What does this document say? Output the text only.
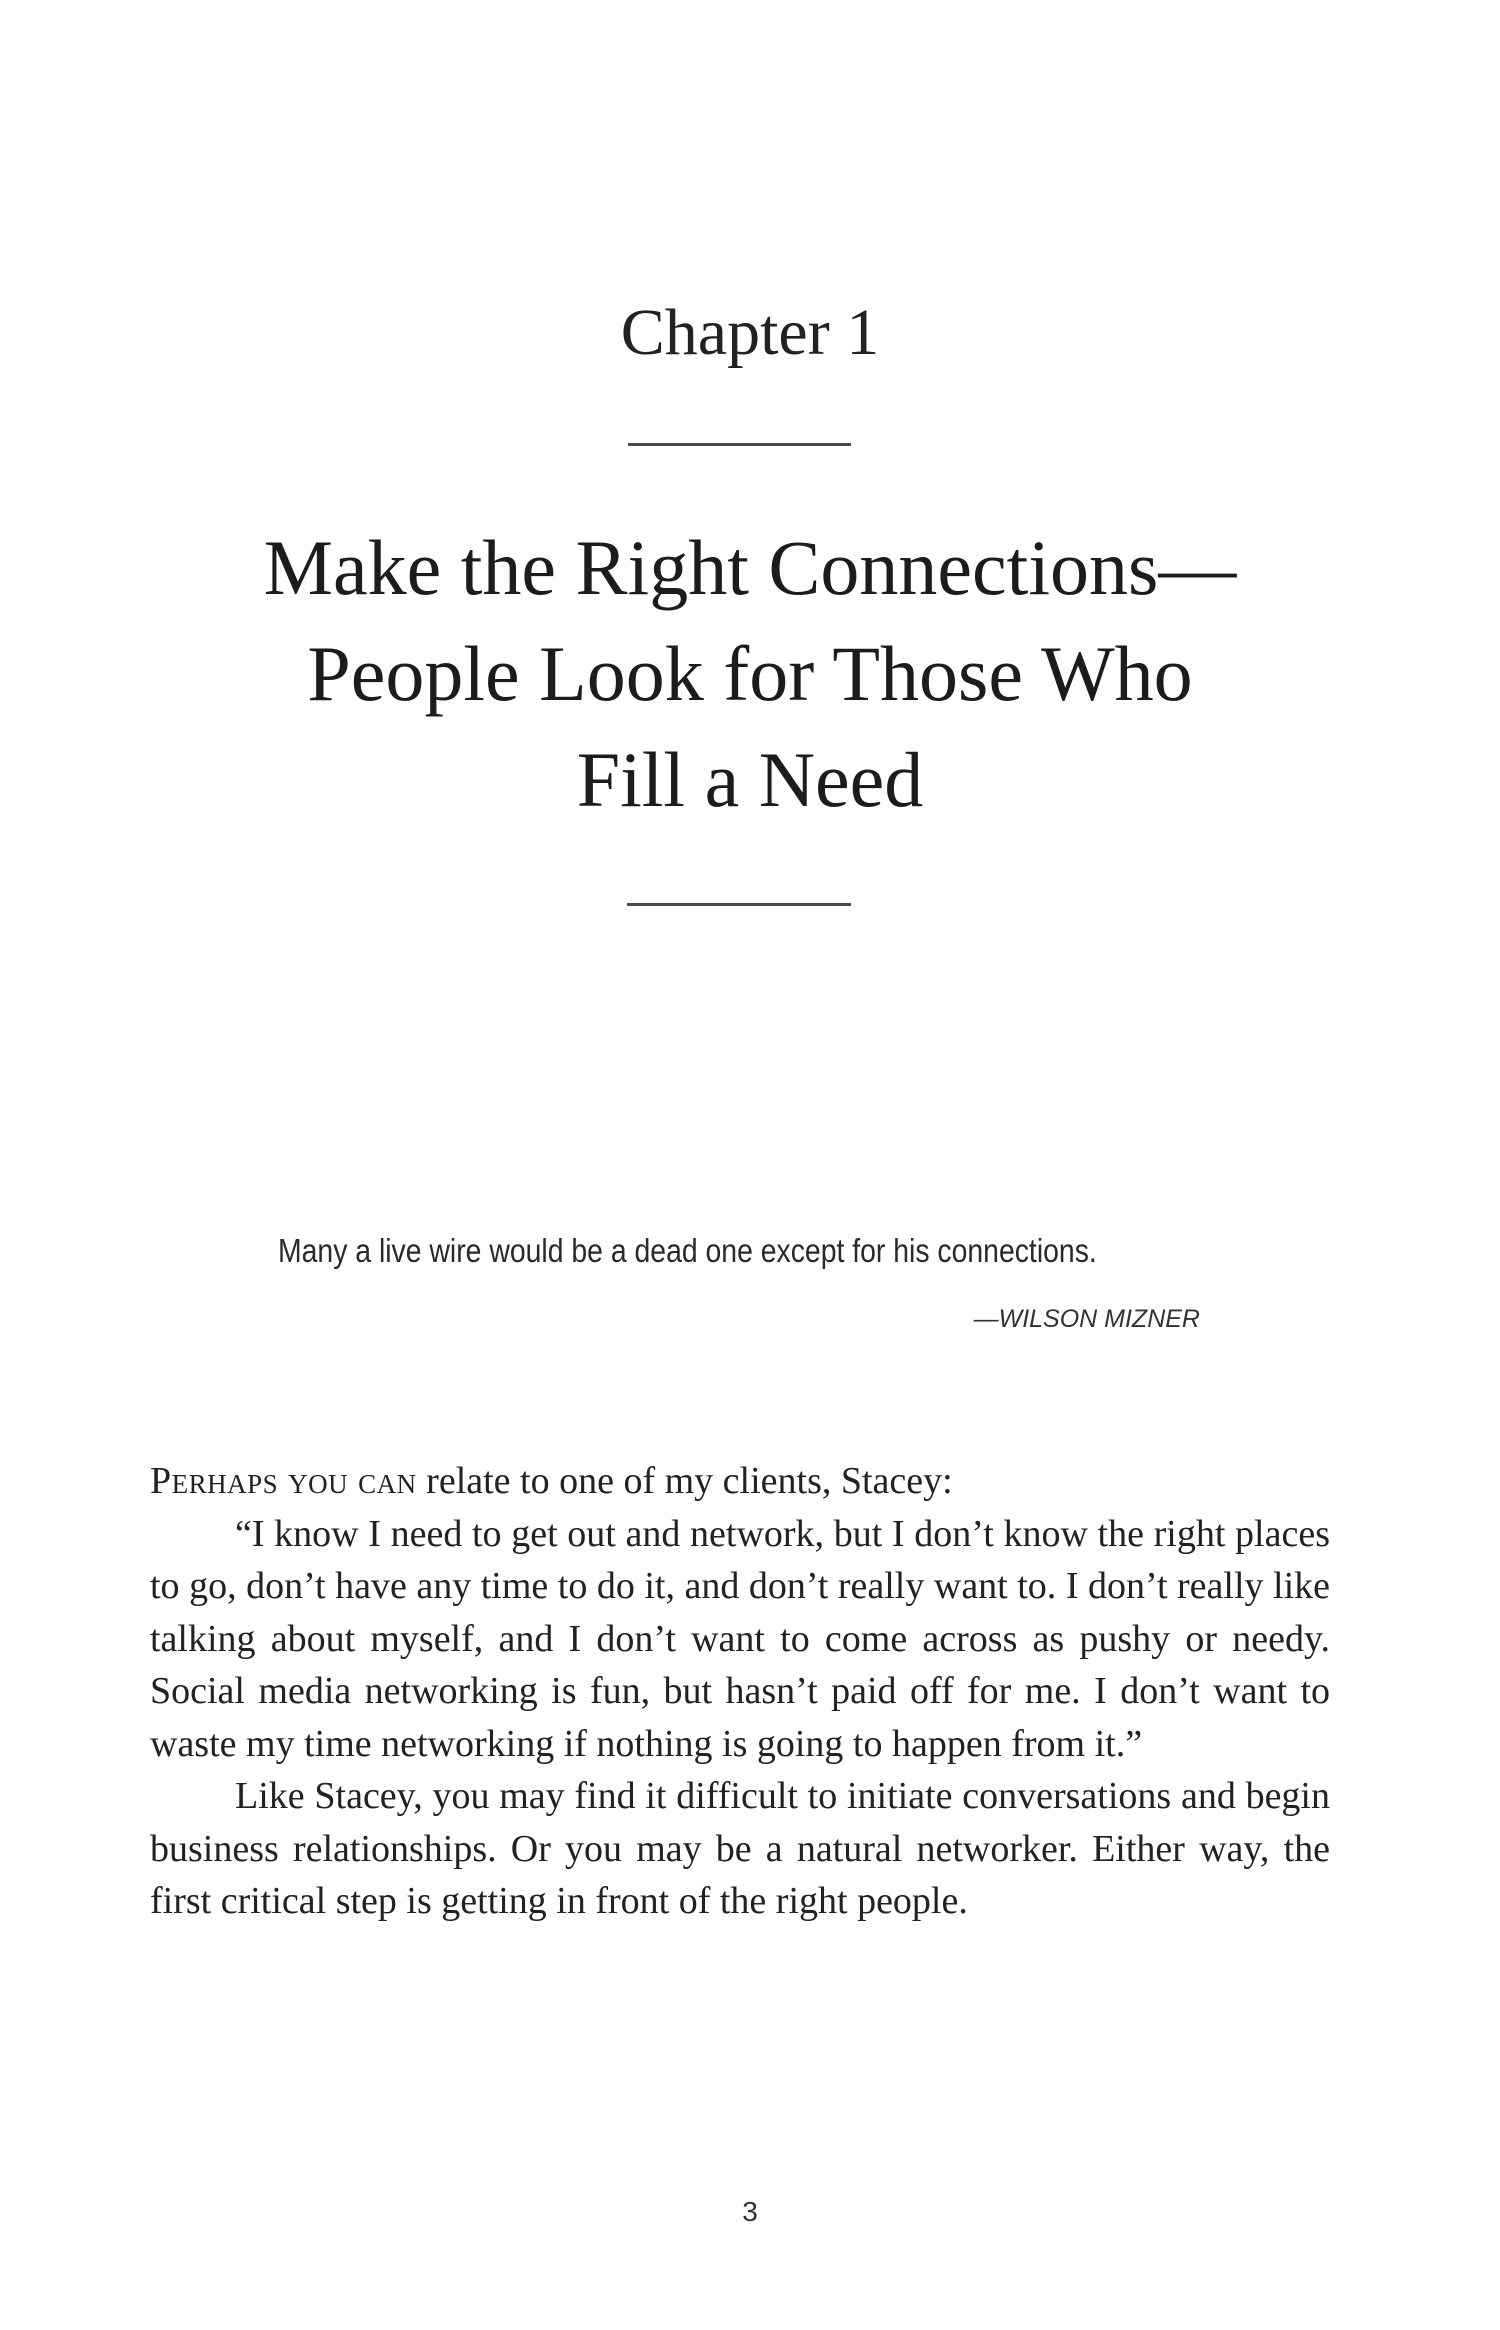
Chapter 1
Make the Right Connections—
People Look for Those Who
Fill a Need
Many a live wire would be a dead one except for his connections.
—WILSON MIZNER

Perhaps you can relate to one of my clients, Stacey:

“I know I need to get out and network, but I don’t know the right places to go, don’t have any time to do it, and don’t really want to. I don’t really like talking about myself, and I don’t want to come across as pushy or needy. Social media networking is fun, but hasn’t paid off for me. I don’t want to waste my time networking if nothing is going to happen from it.”

Like Stacey, you may find it difficult to initiate conversations and begin business relationships. Or you may be a natural networker. Either way, the first critical step is getting in front of the right people.

3
